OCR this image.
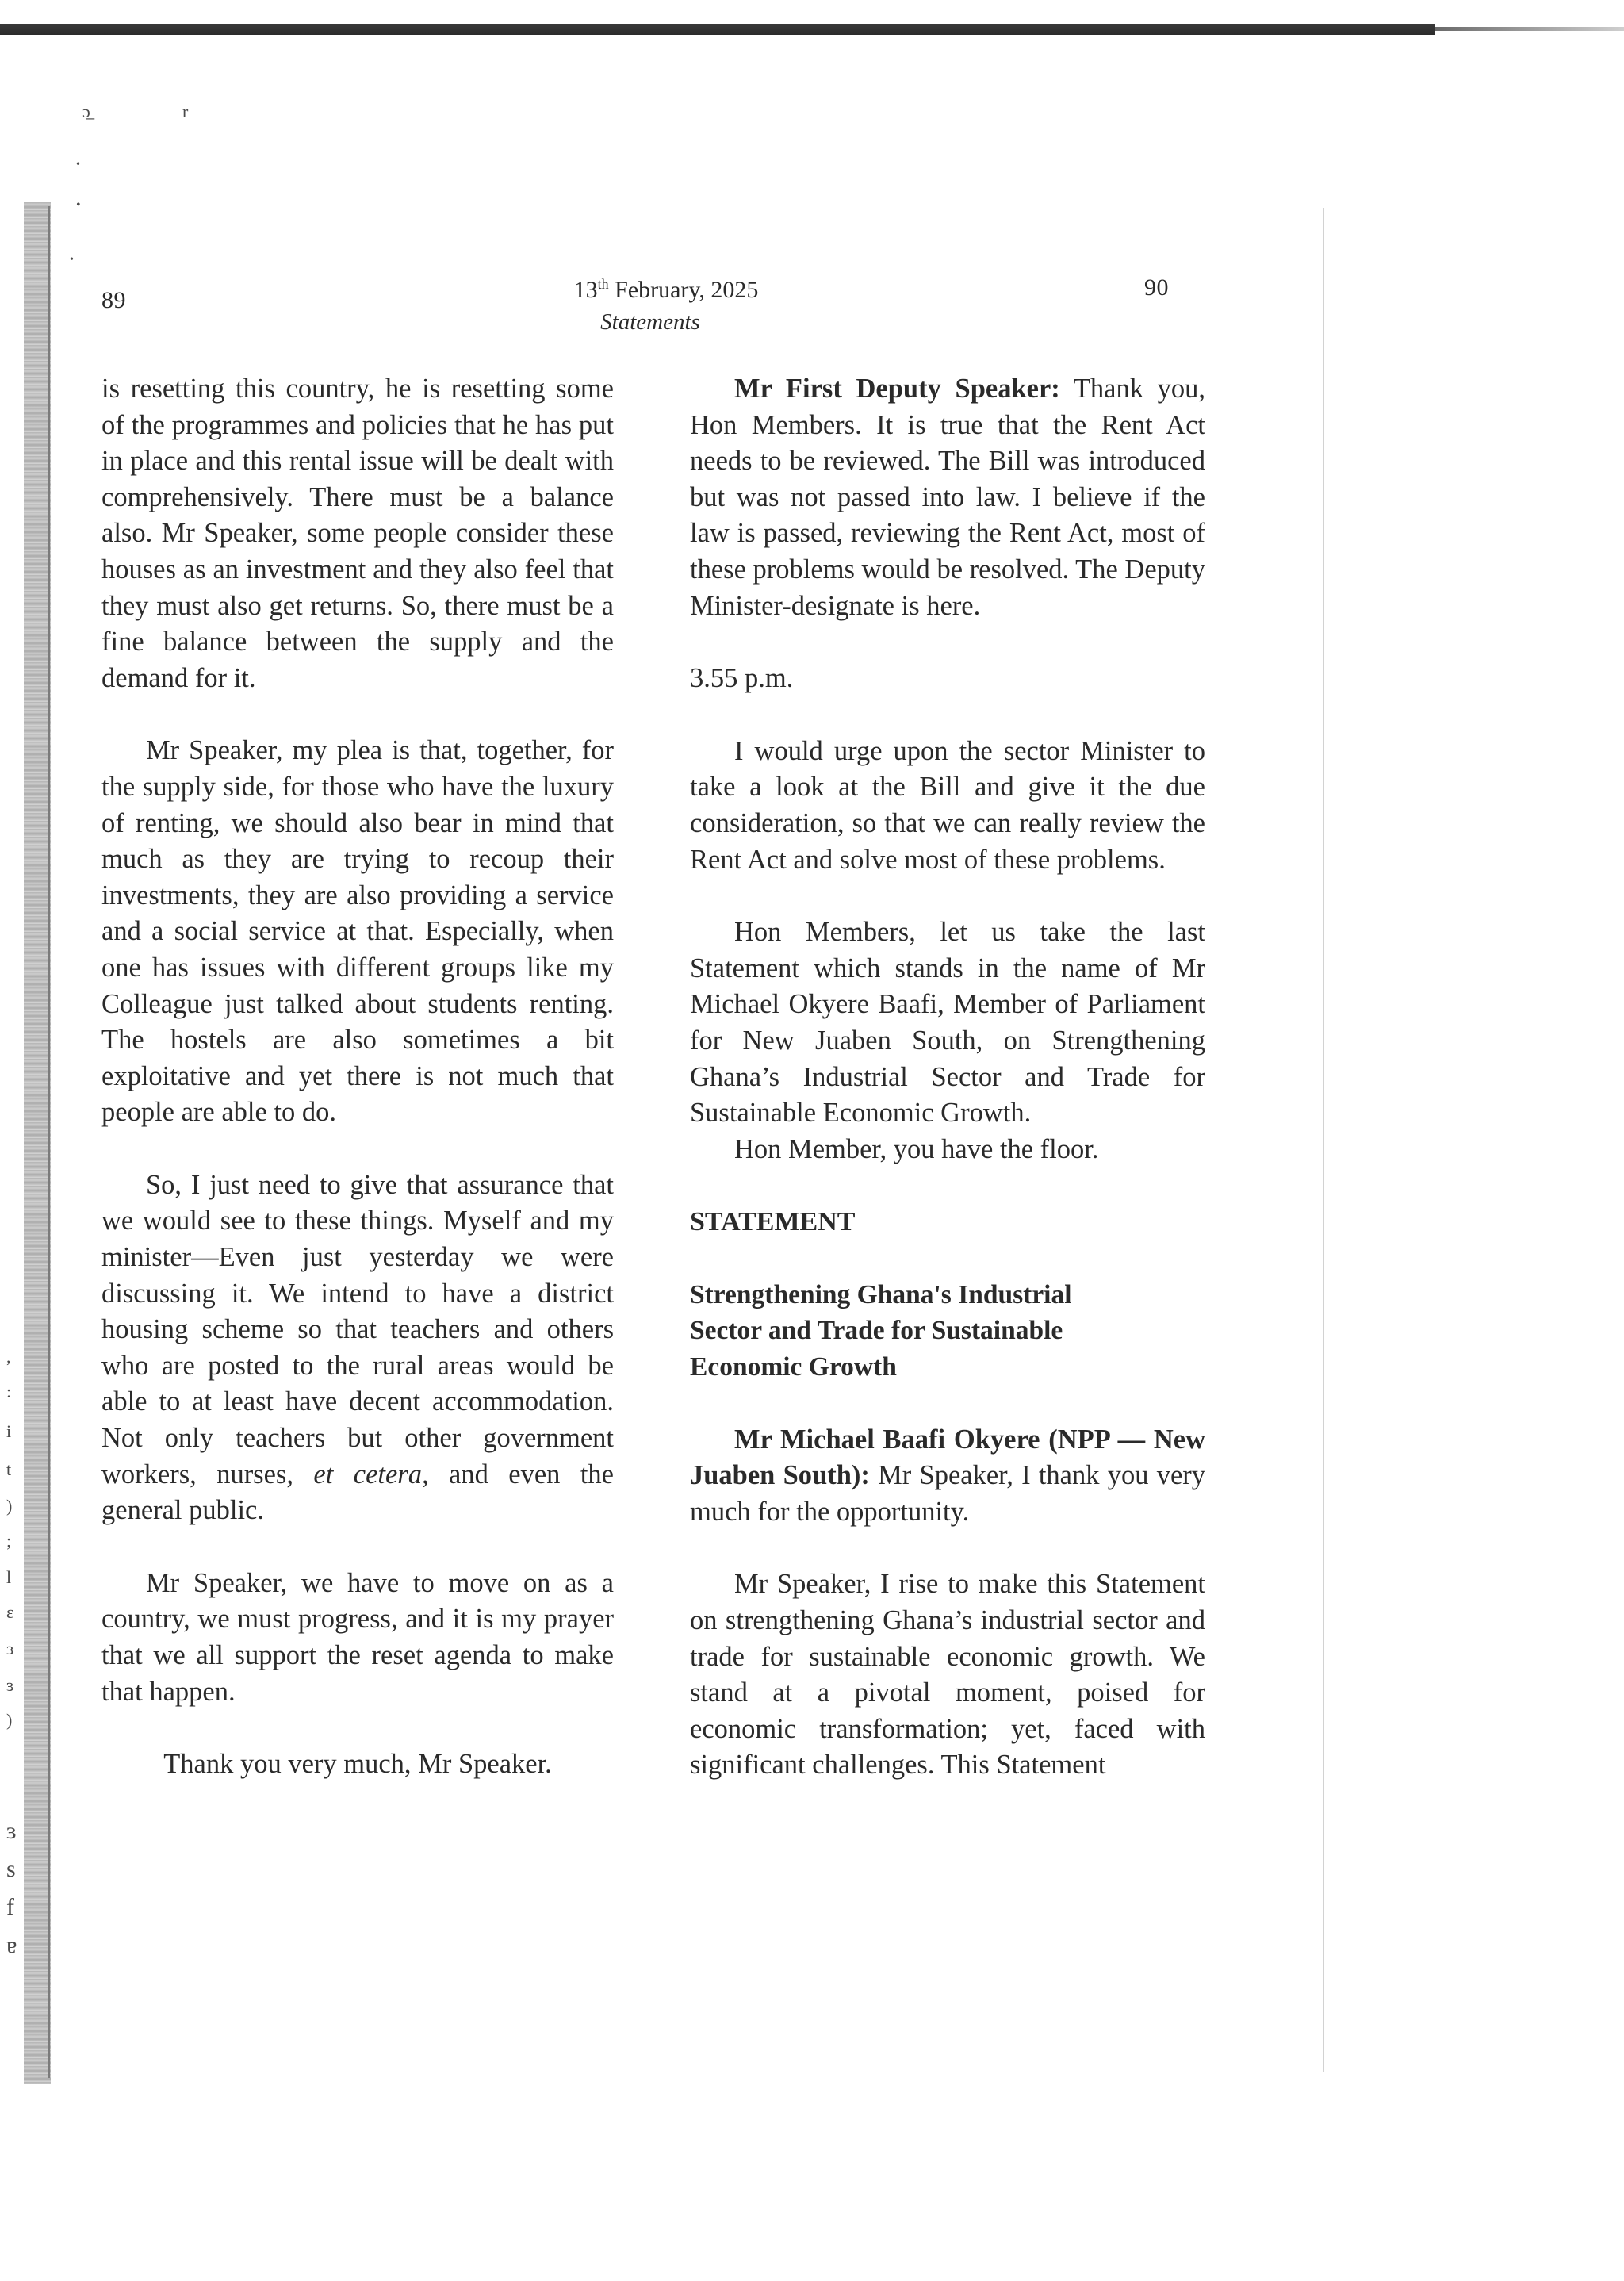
ɔ̲	r
•
•
•
,
:
i
t
)
;
l
ɛ
ɜ
ɜ
)
ɜ
s
f
ɐ
89	90
13th February, 2025
Statements

is resetting this country, he is resetting some of the programmes and policies that he has put in place and this rental issue will be dealt with comprehensively. There must be a balance also. Mr Speaker, some people consider these houses as an investment and they also feel that they must also get returns. So, there must be a fine balance between the supply and the demand for it.

Mr Speaker, my plea is that, together, for the supply side, for those who have the luxury of renting, we should also bear in mind that much as they are trying to recoup their investments, they are also providing a service and a social service at that. Especially, when one has issues with different groups like my Colleague just talked about students renting. The hostels are also sometimes a bit exploitative and yet there is not much that people are able to do.

So, I just need to give that assurance that we would see to these things. Myself and my minister—Even just yesterday we were discussing it. We intend to have a district housing scheme so that teachers and others who are posted to the rural areas would be able to at least have decent accommodation. Not only teachers but other government workers, nurses, et cetera, and even the general public.

Mr Speaker, we have to move on as a country, we must progress, and it is my prayer that we all support the reset agenda to make that happen.

Thank you very much, Mr Speaker.

Mr First Deputy Speaker: Thank you, Hon Members. It is true that the Rent Act needs to be reviewed. The Bill was introduced but was not passed into law. I believe if the law is passed, reviewing the Rent Act, most of these problems would be resolved. The Deputy Minister-designate is here.

3.55 p.m.

I would urge upon the sector Minister to take a look at the Bill and give it the due consideration, so that we can really review the Rent Act and solve most of these problems.

Hon Members, let us take the last Statement which stands in the name of Mr Michael Okyere Baafi, Member of Parliament for New Juaben South, on Strengthening Ghana’s Industrial Sector and Trade for Sustainable Economic Growth.

Hon Member, you have the floor.

STATEMENT

Strengthening Ghana's Industrial

Sector and Trade for Sustainable

Economic Growth

Mr Michael Baafi Okyere (NPP — New Juaben South): Mr Speaker, I thank you very much for the opportunity.

Mr Speaker, I rise to make this Statement on strengthening Ghana’s industrial sector and trade for sustainable economic growth. We stand at a pivotal moment, poised for economic transformation; yet, faced with significant challenges. This Statement
